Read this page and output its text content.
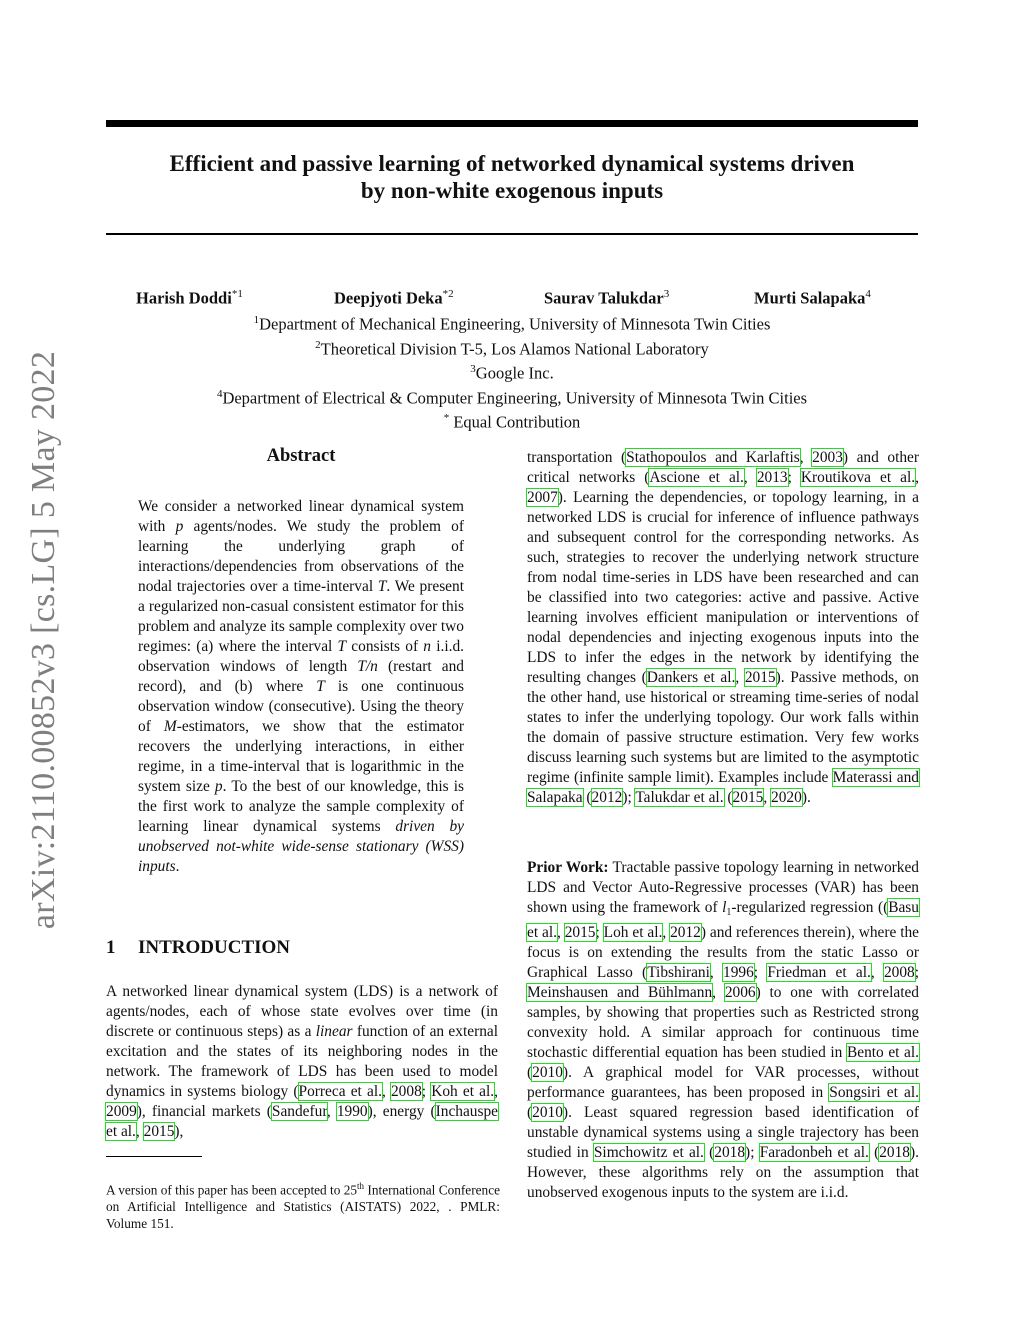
arXiv:2110.00852v3 [cs.LG] 5 May 2022
Efficient and passive learning of networked dynamical systems driven
by non-white exogenous inputs
Harish Doddi$^{*1}$	Deepjyoti Deka$^{*2}$	Saurav Talukdar$^3$	Murti Salapaka$^4$
$^1$Department of Mechanical Engineering, University of Minnesota Twin Cities
$^2$Theoretical Division T-5, Los Alamos National Laboratory
$^3$Google Inc.
$^4$Department of Electrical & Computer Engineering, University of Minnesota Twin Cities
* Equal Contribution
Abstract

We consider a networked linear dynamical system with p agents/nodes. We study the problem of learning the underlying graph of interactions/dependencies from observations of the nodal trajectories over a time-interval T. We present a regularized non-casual consistent estimator for this problem and analyze its sample complexity over two regimes: (a) where the interval T consists of n i.i.d. observation windows of length T/n (restart and record), and (b) where T is one continuous observation window (consecutive). Using the theory of M-estimators, we show that the estimator recovers the underlying interactions, in either regime, in a time-interval that is logarithmic in the system size p. To the best of our knowledge, this is the first work to analyze the sample complexity of learning linear dynamical systems driven by unobserved not-white wide-sense stationary (WSS) inputs.

1 INTRODUCTION

A networked linear dynamical system (LDS) is a network of agents/nodes, each of whose state evolves over time (in discrete or continuous steps) as a linear function of an external excitation and the states of its neighboring nodes in the network. The framework of LDS has been used to model dynamics in systems biology (Porreca et al., 2008; Koh et al., 2009), financial markets (Sandefur, 1990), energy (Inchauspe et al., 2015),

A version of this paper has been accepted to 25th International Conference on Artificial Intelligence and Statistics (AISTATS) 2022, . PMLR: Volume 151.

transportation (Stathopoulos and Karlaftis, 2003) and other critical networks (Ascione et al., 2013; Kroutikova et al., 2007). Learning the dependencies, or topology learning, in a networked LDS is crucial for inference of influence pathways and subsequent control for the corresponding networks. As such, strategies to recover the underlying network structure from nodal time-series in LDS have been researched and can be classified into two categories: active and passive. Active learning involves efficient manipulation or interventions of nodal dependencies and injecting exogenous inputs into the LDS to infer the edges in the network by identifying the resulting changes (Dankers et al., 2015). Passive methods, on the other hand, use historical or streaming time-series of nodal states to infer the underlying topology. Our work falls within the domain of passive structure estimation. Very few works discuss learning such systems but are limited to the asymptotic regime (infinite sample limit). Examples include Materassi and Salapaka (2012); Talukdar et al. (2015, 2020).

Prior Work: Tractable passive topology learning in networked LDS and Vector Auto-Regressive processes (VAR) has been shown using the framework of l1-regularized regression ((Basu et al., 2015; Loh et al., 2012) and references therein), where the focus is on extending the results from the static Lasso or Graphical Lasso (Tibshirani, 1996; Friedman et al., 2008; Meinshausen and Bühlmann, 2006) to one with correlated samples, by showing that properties such as Restricted strong convexity hold. A similar approach for continuous time stochastic differential equation has been studied in Bento et al. (2010). A graphical model for VAR processes, without performance guarantees, has been proposed in Songsiri et al. (2010). Least squared regression based identification of unstable dynamical systems using a single trajectory has been studied in Simchowitz et al. (2018); Faradonbeh et al. (2018). However, these algorithms rely on the assumption that unobserved exogenous inputs to the system are i.i.d.
